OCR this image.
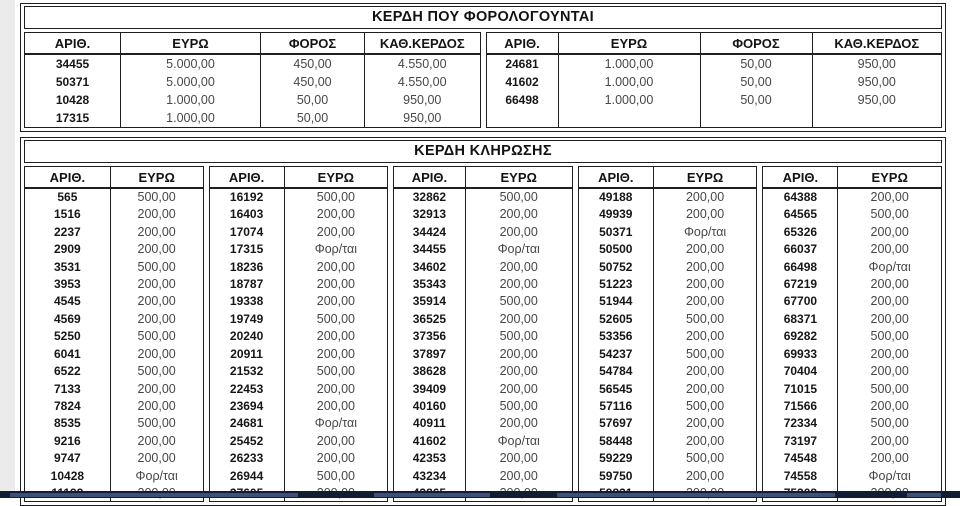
ΚΕΡΔΗ ΠΟΥ ΦΟΡΟΛΟΓΟΥΝΤΑΙ
ΑΡΙΘ.	ΕΥΡΩ	ΦΟΡΟΣ	ΚΑΘ.ΚΕΡΔΟΣ
34455	5.000,00	450,00	4.550,00
50371	5.000,00	450,00	4.550,00
10428	1.000,00	50,00	950,00
17315	1.000,00	50,00	950,00
ΑΡΙΘ.	ΕΥΡΩ	ΦΟΡΟΣ	ΚΑΘ.ΚΕΡΔΟΣ
24681	1.000,00	50,00	950,00
41602	1.000,00	50,00	950,00
66498	1.000,00	50,00	950,00

ΚΕΡΔΗ ΚΛΗΡΩΣΗΣ
ΑΡΙΘ.	ΕΥΡΩ
565	500,00
1516	200,00
2237	200,00
2909	200,00
3531	500,00
3953	200,00
4545	200,00
4569	200,00
5250	500,00
6041	200,00
6522	500,00
7133	200,00
7824	200,00
8535	500,00
9216	200,00
9747	200,00
10428	Φορ/ται

ΑΡΙΘ.	ΕΥΡΩ
16192	500,00
16403	200,00
17074	200,00
17315	Φορ/ται
18236	200,00
18787	200,00
19338	200,00
19749	500,00
20240	200,00
20911	200,00
21532	500,00
22453	200,00
23694	200,00
24681	Φορ/ται
25452	200,00
26233	200,00
26944	500,00

ΑΡΙΘ.	ΕΥΡΩ
32862	500,00
32913	200,00
34424	200,00
34455	Φορ/ται
34602	200,00
35343	200,00
35914	500,00
36525	200,00
37356	500,00
37897	200,00
38628	200,00
39409	200,00
40160	500,00
40911	200,00
41602	Φορ/ται
42353	200,00
43234	200,00

ΑΡΙΘ.	ΕΥΡΩ
49188	200,00
49939	200,00
50371	Φορ/ται
50500	200,00
50752	200,00
51223	200,00
51944	200,00
52605	500,00
53356	200,00
54237	500,00
54784	200,00
56545	200,00
57116	500,00
57697	200,00
58448	200,00
59229	500,00
59750	200,00

ΑΡΙΘ.	ΕΥΡΩ
64388	200,00
64565	500,00
65326	200,00
66037	200,00
66498	Φορ/ται
67219	200,00
67700	200,00
68371	200,00
69282	500,00
69933	200,00
70404	200,00
71015	500,00
71566	200,00
72334	500,00
73197	200,00
74548	200,00
74558	Φορ/ται
